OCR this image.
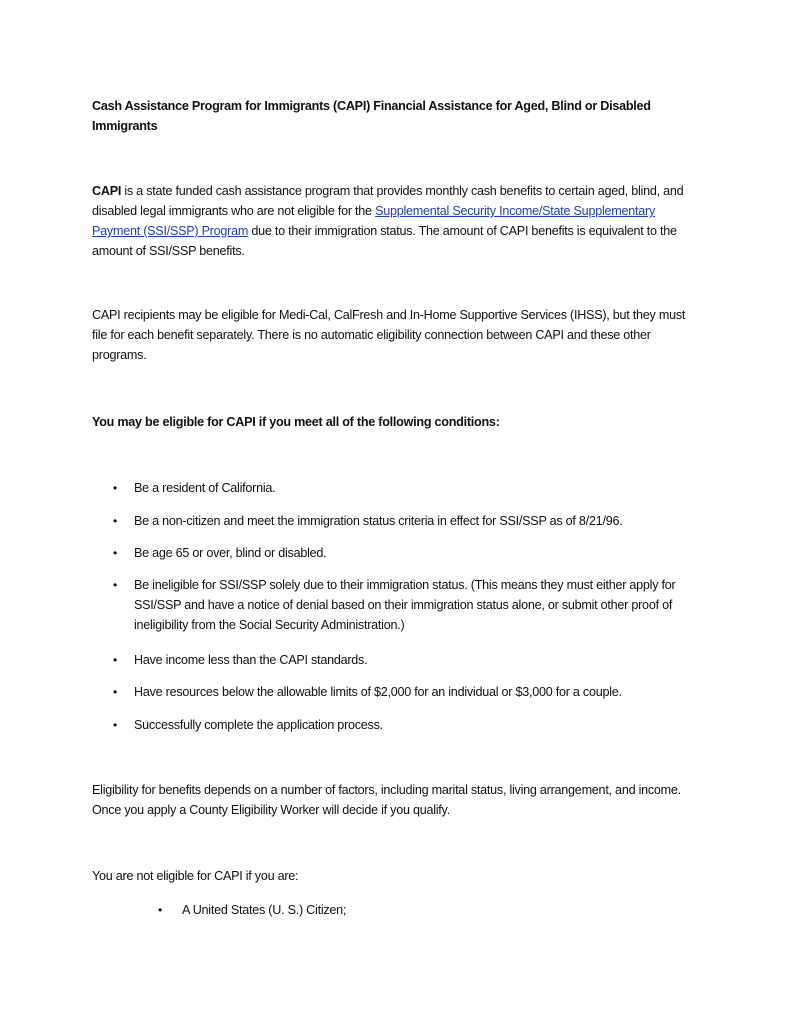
Cash Assistance Program for Immigrants (CAPI) Financial Assistance for Aged, Blind or Disabled Immigrants
CAPI is a state funded cash assistance program that provides monthly cash benefits to certain aged, blind, and disabled legal immigrants who are not eligible for the Supplemental Security Income/State Supplementary Payment (SSI/SSP) Program due to their immigration status. The amount of CAPI benefits is equivalent to the amount of SSI/SSP benefits.
CAPI recipients may be eligible for Medi-Cal, CalFresh and In-Home Supportive Services (IHSS), but they must file for each benefit separately. There is no automatic eligibility connection between CAPI and these other programs.
You may be eligible for CAPI if you meet all of the following conditions:
• Be a resident of California.
• Be a non-citizen and meet the immigration status criteria in effect for SSI/SSP as of 8/21/96.
• Be age 65 or over, blind or disabled.
• Be ineligible for SSI/SSP solely due to their immigration status. (This means they must either apply for SSI/SSP and have a notice of denial based on their immigration status alone, or submit other proof of ineligibility from the Social Security Administration.)
• Have income less than the CAPI standards.
• Have resources below the allowable limits of $2,000 for an individual or $3,000 for a couple.
• Successfully complete the application process.
Eligibility for benefits depends on a number of factors, including marital status, living arrangement, and income. Once you apply a County Eligibility Worker will decide if you qualify.
You are not eligible for CAPI if you are:
• A United States (U. S.) Citizen;
